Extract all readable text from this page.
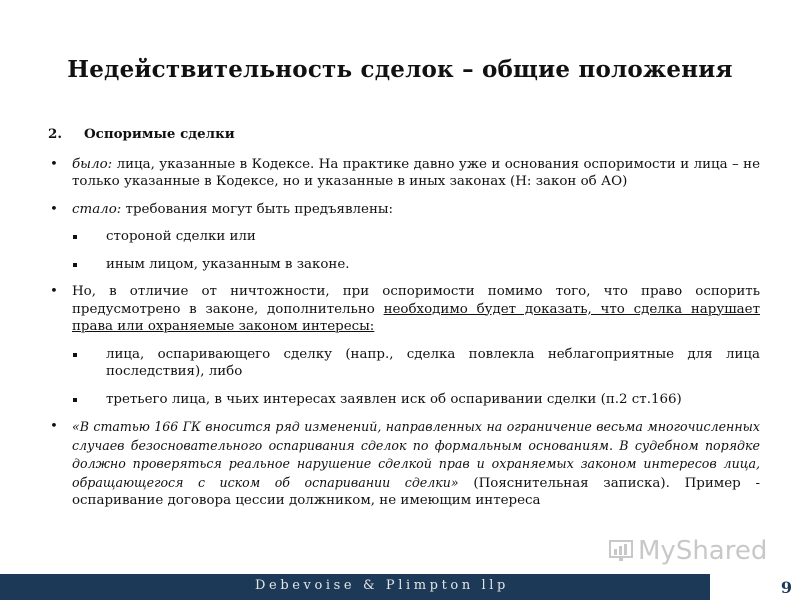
Недействительность сделок – общие положения
2.	Оспоримые сделки
• было: лица, указанные в Кодексе. На практике давно уже и основания оспоримости и лица – не только указанные в Кодексе, но и указанные в иных законах (Н: закон об АО)
• стало: требования могут быть предъявлены:
стороной сделки или
иным лицом, указанным в законе.
• Но, в отличие от ничтожности, при оспоримости помимо того, что право оспорить предусмотрено в законе, дополнительно необходимо будет доказать, что сделка нарушает права или охраняемые законом интересы:
лица, оспаривающего сделку (напр., сделка повлекла неблагоприятные для лица последствия), либо
третьего лица, в чьих интересах заявлен иск об оспаривании сделки (п.2 ст.166)
• «В статью 166 ГК вносится ряд изменений, направленных на ограничение весьма многочисленных случаев безосновательного оспаривания сделок по формальным основаниям. В судебном порядке должно проверяться реальное нарушение сделкой прав и охраняемых законом интересов лица, обращающегося с иском об оспаривании сделки» (Пояснительная записка). Пример - оспаривание договора цессии должником, не имеющим интереса
MyShared
Debevoise & Plimpton llp	9
